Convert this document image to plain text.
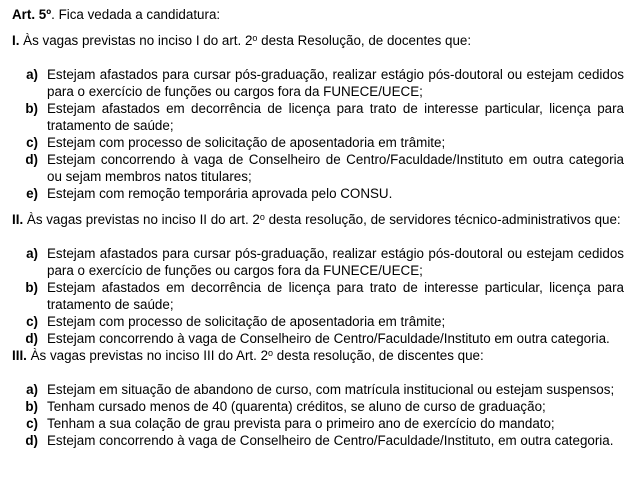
Art. 5º. Fica vedada a candidatura:

I. Às vagas previstas no inciso I do art. 2$^o$ desta Resolução, de docentes que:

a) Estejam afastados para cursar pós-graduação, realizar estágio pós-doutoral ou estejam cedidos para o exercício de funções ou cargos fora da FUNECE/UECE;
b) Estejam afastados em decorrência de licença para trato de interesse particular, licença para tratamento de saúde;
c) Estejam com processo de solicitação de aposentadoria em trâmite;
d) Estejam concorrendo à vaga de Conselheiro de Centro/Faculdade/Instituto em outra categoria ou sejam membros natos titulares;
e) Estejam com remoção temporária aprovada pelo CONSU.

II. Às vagas previstas no inciso II do art. 2$^o$ desta resolução, de servidores técnico-administrativos que:

a) Estejam afastados para cursar pós-graduação, realizar estágio pós-doutoral ou estejam cedidos para o exercício de funções ou cargos fora da FUNECE/UECE;
b) Estejam afastados em decorrência de licença para trato de interesse particular, licença para tratamento de saúde;
c) Estejam com processo de solicitação de aposentadoria em trâmite;
d) Estejam concorrendo à vaga de Conselheiro de Centro/Faculdade/Instituto em outra categoria.

III. Às vagas previstas no inciso III do Art. 2$^o$ desta resolução, de discentes que:

a) Estejam em situação de abandono de curso, com matrícula institucional ou estejam suspensos;
b) Tenham cursado menos de 40 (quarenta) créditos, se aluno de curso de graduação;
c) Tenham a sua colação de grau prevista para o primeiro ano de exercício do mandato;
d) Estejam concorrendo à vaga de Conselheiro de Centro/Faculdade/Instituto, em outra categoria.
